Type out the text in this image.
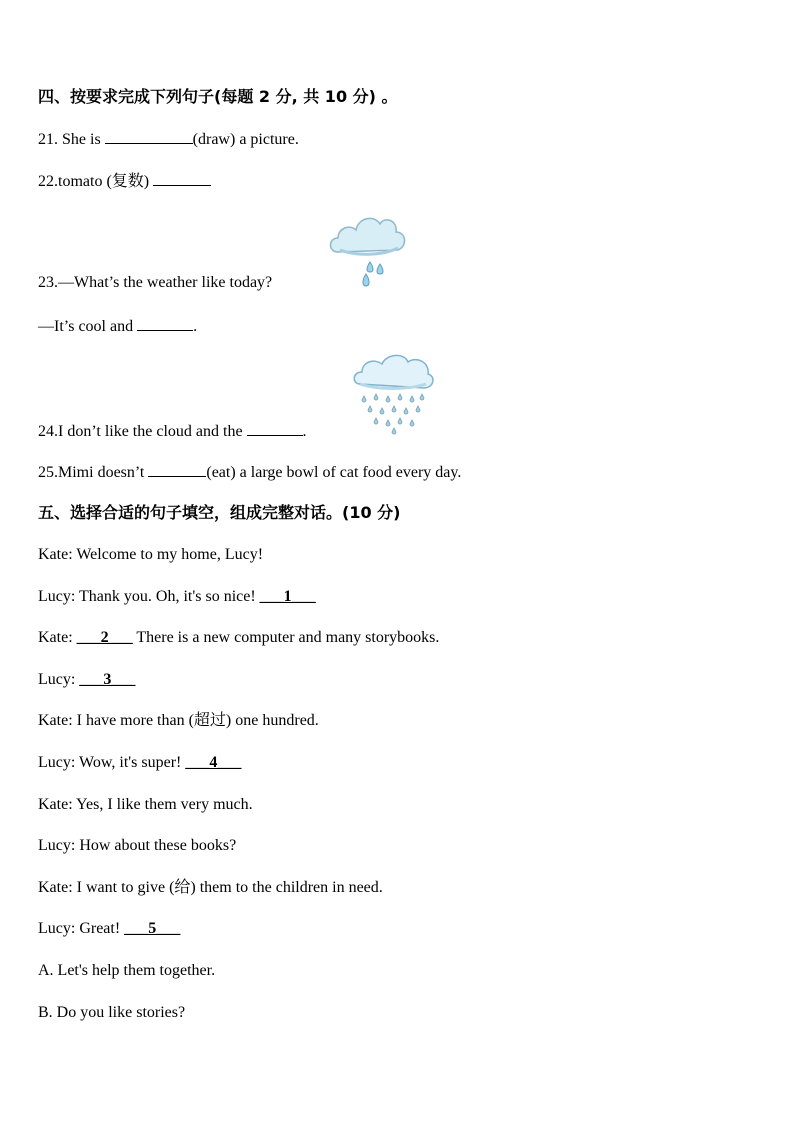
四、按要求完成下列句子(每题 2 分, 共 10 分) 。
21. She is	(draw) a picture.
22.tomato (复数)
23.—What’s the weather like today?
—It’s cool and	.
24.I don’t like the cloud and the	.
25.Mimi doesn’t	(eat) a large bowl of cat food every day.
五、选择合适的句子填空，组成完整对话。(10 分)
Kate: Welcome to my home, Lucy!
Lucy: Thank you. Oh, it's so nice! ___1___
Kate: ___2___ There is a new computer and many storybooks.
Lucy: ___3___
Kate: I have more than (超过) one hundred.
Lucy: Wow, it's super! ___4___
Kate: Yes, I like them very much.
Lucy: How about these books?
Kate: I want to give (给) them to the children in need.
Lucy: Great! ___5___
A. Let's help them together.
B. Do you like stories?
